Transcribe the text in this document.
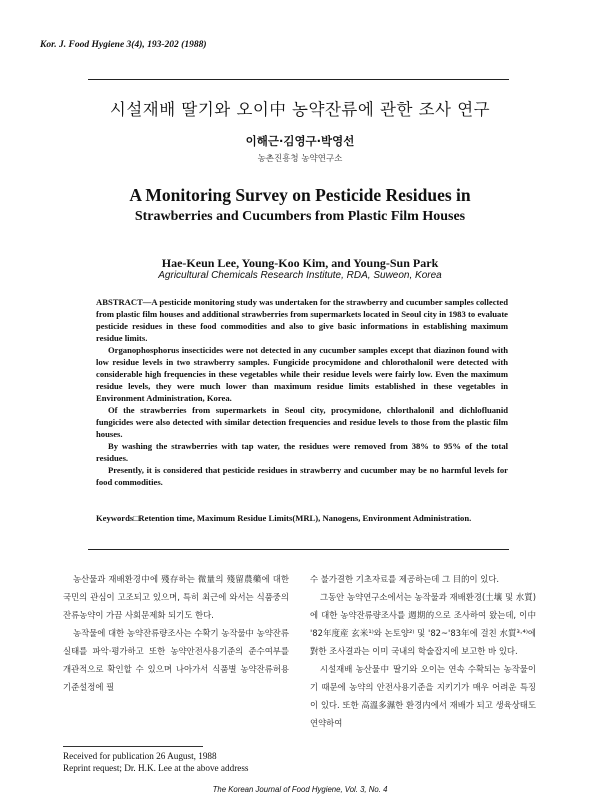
Kor. J. Food Hygiene 3(4), 193-202 (1988)
시설재배 딸기와 오이中 농약잔류에 관한 조사 연구
이해근·김영구·박영선
농촌진흥청 농약연구소
A Monitoring Survey on Pesticide Residues in
Strawberries and Cucumbers from Plastic Film Houses
Hae-Keun Lee, Young-Koo Kim, and Young-Sun Park
Agricultural Chemicals Research Institute, RDA, Suweon, Korea

ABSTRACT—A pesticide monitoring study was undertaken for the strawberry and cucumber samples collected from plastic film houses and additional strawberries from supermarkets located in Seoul city in 1983 to evaluate pesticide residues in these food commodities and also to give basic informations in establishing maximum residue limits.

Organophosphorus insecticides were not detected in any cucumber samples except that diazinon found with low residue levels in two strawberry samples. Fungicide procymidone and chlorothalonil were detected with considerable high frequencies in these vegetables while their residue levels were fairly low. Even the maximum residue levels, they were much lower than maximum residue limits established in these vegetables in Environment Administration, Korea.

Of the strawberries from supermarkets in Seoul city, procymidone, chlorthalonil and dichlofluanid fungicides were also detected with similar detection frequencies and residue levels to those from the plastic film houses.

By washing the strawberries with tap water, the residues were removed from 38% to 95% of the total residues.

Presently, it is considered that pesticide residues in strawberry and cucumber may be no harmful levels for food commodities.

Keywords□Retention time, Maximum Residue Limits(MRL), Nanogens, Environment Administration.

농산물과 재배환경中에 殘存하는 微量의 殘留農藥에 대한 국민의 관심이 고조되고 있으며, 특히 최근에 와서는 식품중의 잔류농약이 가끔 사회문제화 되기도 한다.

농작물에 대한 농약잔류량조사는 수확기 농작물中 농약잔류실태를 파악·평가하고 또한 농약안전사용기준의 준수여부를 개관적으로 확인할 수 있으며 나아가서 식품별 농약잔류허용기준설정에 필

수 불가결한 기초자료를 제공하는데 그 目的이 있다.

그동안 농약연구소에서는 농작물과 재배환경(土壤 및 水質)에 대한 농약잔류량조사를 週期的으로 조사하여 왔는데, 이中 '82年度産 玄米¹⁾와 논토양²⁾ 및 '82~'83年에 걸친 水質³·⁴⁾에 對한 조사결과는 이미 국내의 학술잡지에 보고한 바 있다.

시설재배 농산물中 딸기와 오이는 연속 수확되는 농작물이기 때문에 농약의 안전사용기준을 지키기가 매우 어려운 특징이 있다. 또한 高溫多濕한 환경内에서 재배가 되고 생육상태도 연약하여

Received for publication 26 August, 1988
Reprint request; Dr. H.K. Lee at the above address
The Korean Journal of Food Hygiene, Vol. 3, No. 4
